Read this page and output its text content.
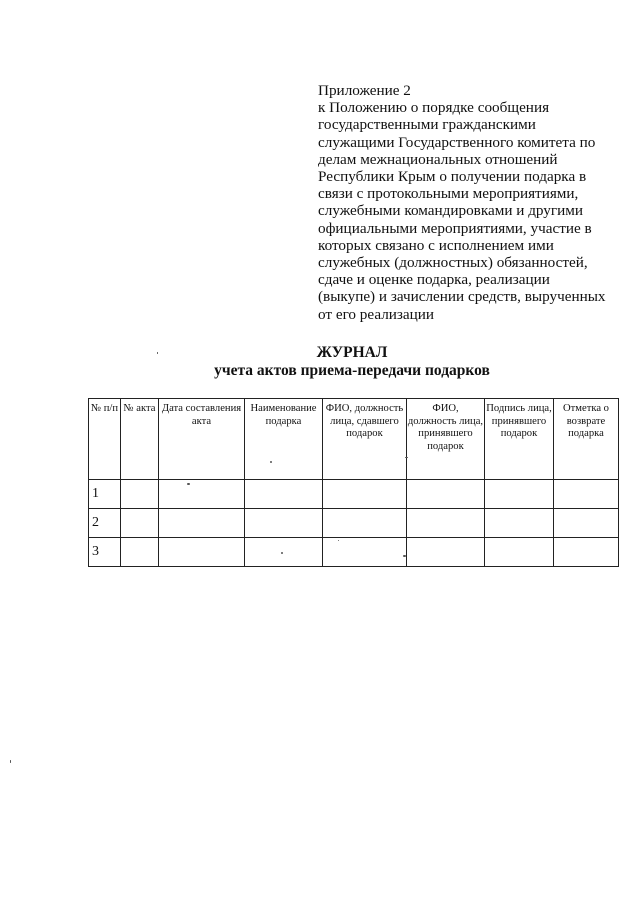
Приложение 2
к Положению о порядке сообщения
государственными гражданскими
служащими Государственного комитета по
делам межнациональных отношений
Республики Крым о получении подарка в
связи с протокольными мероприятиями,
служебными командировками и другими
официальными мероприятиями, участие в
которых связано с исполнением ими
служебных (должностных) обязанностей,
сдаче и оценке подарка, реализации
(выкупе) и зачислении средств, вырученных
от его реализации
ЖУРНАЛ
учета актов приема-передачи подарков
№ п/п	№ акта	Дата составления акта	Наименование подарка	ФИО, должность лица, сдавшего подарок	ФИО, должность лица, принявшего подарок	Подпись лица, принявшего подарок	Отметка о возврате подарка
1							
2							
3							
